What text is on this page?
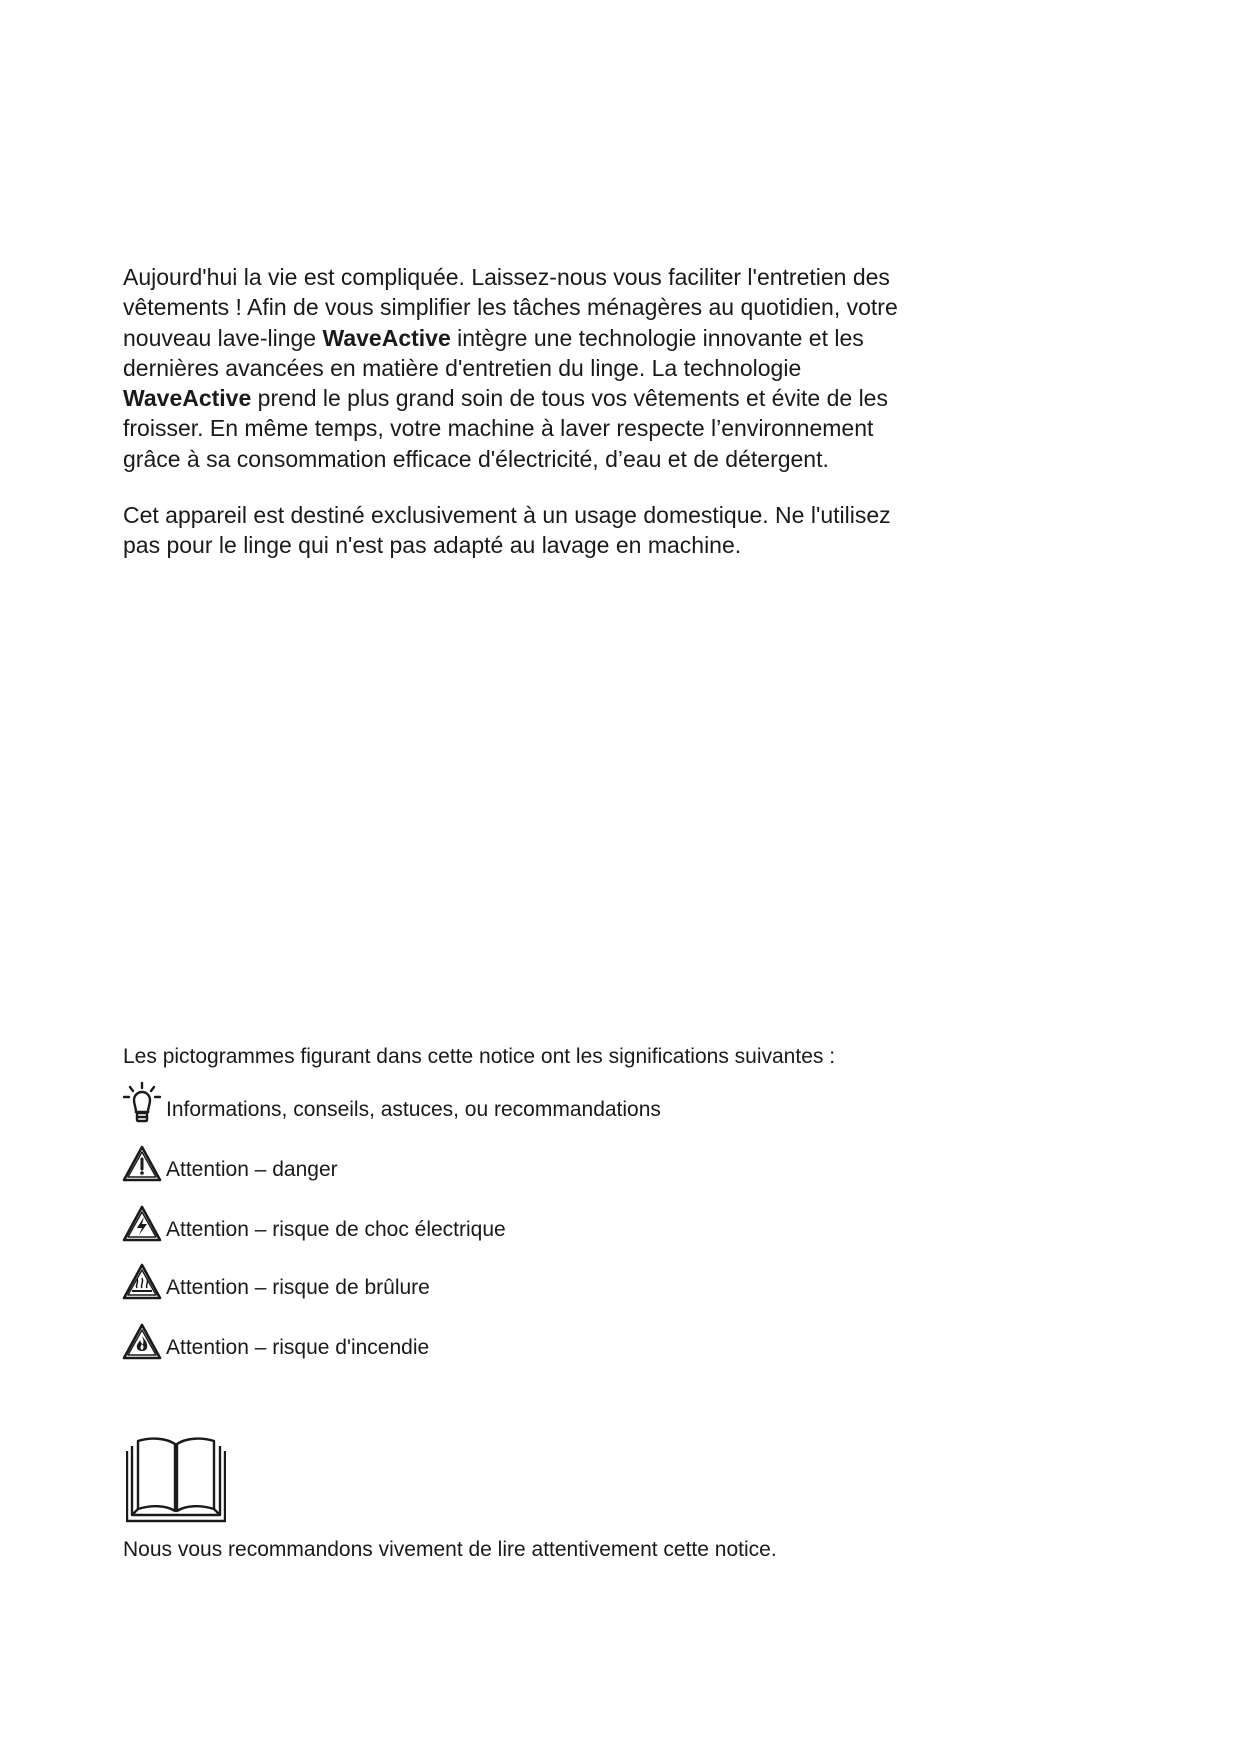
Aujourd'hui la vie est compliquée. Laissez-nous vous faciliter l'entretien des vêtements ! Afin de vous simplifier les tâches ménagères au quotidien, votre nouveau lave-linge WaveActive intègre une technologie innovante et les dernières avancées en matière d'entretien du linge. La technologie WaveActive prend le plus grand soin de tous vos vêtements et évite de les froisser. En même temps, votre machine à laver respecte l’environnement grâce à sa consommation efficace d'électricité, d’eau et de détergent.

Cet appareil est destiné exclusivement à un usage domestique. Ne l'utilisez pas pour le linge qui n'est pas adapté au lavage en machine.

Les pictogrammes figurant dans cette notice ont les significations suivantes :
Informations, conseils, astuces, ou recommandations
Attention – danger
Attention – risque de choc électrique
Attention – risque de brûlure
Attention – risque d'incendie
Nous vous recommandons vivement de lire attentivement cette notice.
